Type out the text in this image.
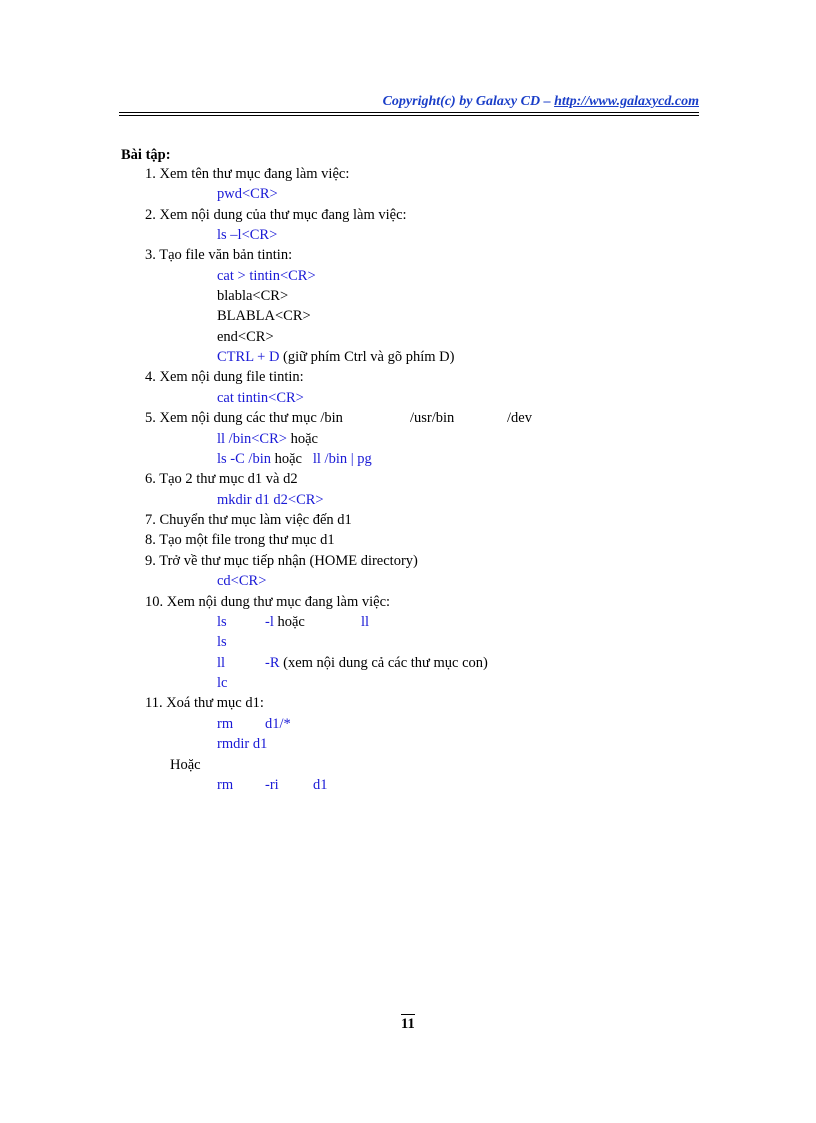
Copyright(c) by Galaxy CD – http://www.galaxycd.com
Bài tập:
1. Xem tên thư mục đang làm việc:
pwd<CR>
2. Xem nội dung của thư mục đang làm việc:
ls –l<CR>
3. Tạo file văn bản tintin:
cat > tintin<CR>
blabla<CR>
BLABLA<CR>
end<CR>
CTRL + D (giữ phím Ctrl và gõ phím D)
4. Xem nội dung file tintin:
cat tintin<CR>
5. Xem nội dung các thư mục /bin	/usr/bin	/dev
ll /bin<CR> hoặc
ls -C /bin hoặc ll /bin | pg
6. Tạo 2 thư mục d1 và d2
mkdir d1 d2<CR>
7. Chuyển thư mục làm việc đến d1
8. Tạo một file trong thư mục d1
9. Trở về thư mục tiếp nhận (HOME directory)
cd<CR>
10. Xem nội dung thư mục đang làm việc:
ls	-l hoặc	ll
ls
ll	-R (xem nội dung cả các thư mục con)
lc
11. Xoá thư mục d1:
rm d1/*
rmdir d1
Hoặc
rm -ri d1
11
